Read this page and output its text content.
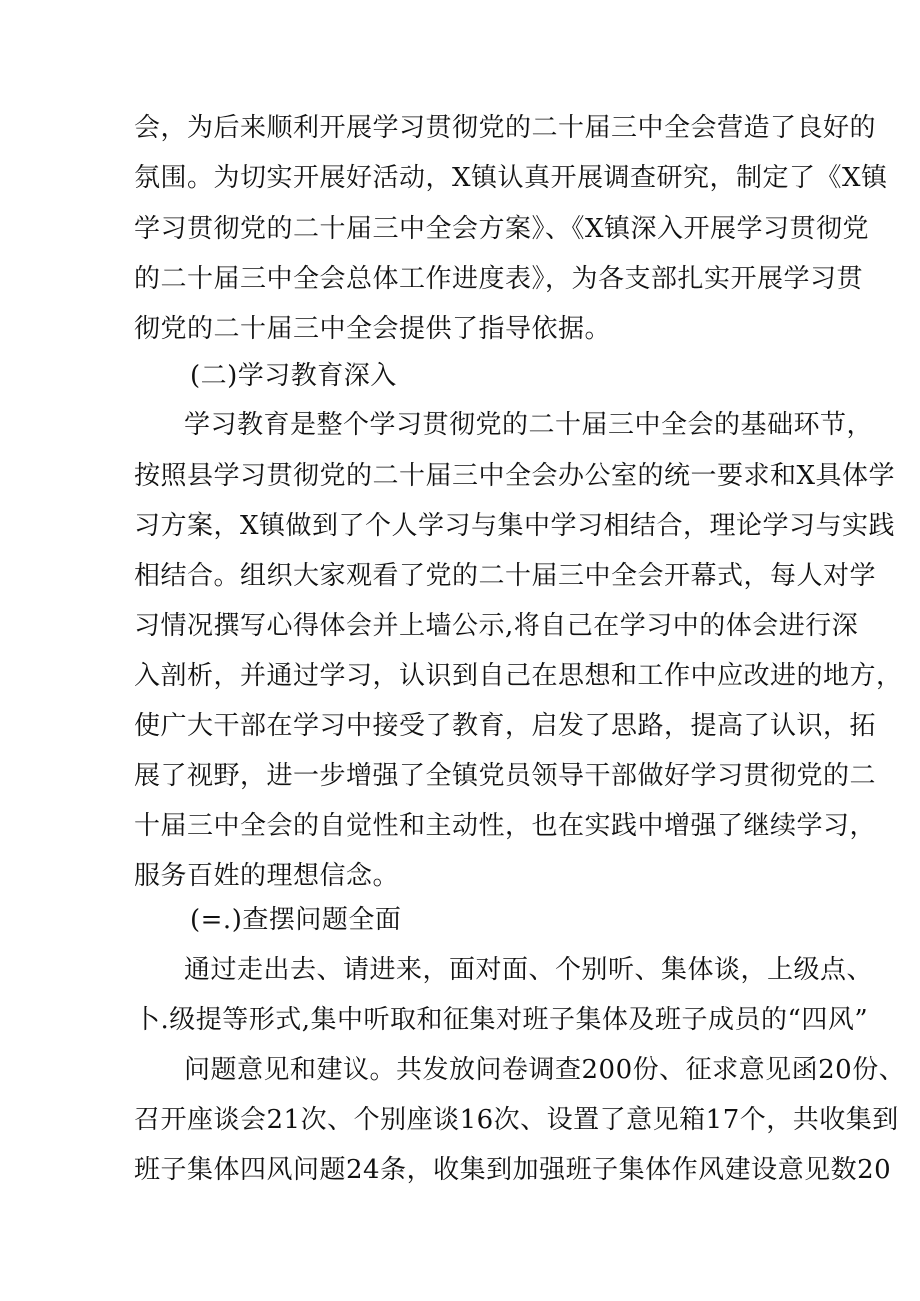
会，为后来顺利开展学习贯彻党的二十届三中全会营造了良好的
氛围。为切实开展好活动，X镇认真开展调查研究，制定了《X镇
学习贯彻党的二十届三中全会方案》、《X镇深入开展学习贯彻党
的二十届三中全会总体工作进度表》，为各支部扎实开展学习贯
彻党的二十届三中全会提供了指导依据。
(二)学习教育深入
学习教育是整个学习贯彻党的二十届三中全会的基础环节，
按照县学习贯彻党的二十届三中全会办公室的统一要求和X具体学
习方案，X镇做到了个人学习与集中学习相结合，理论学习与实践
相结合。组织大家观看了党的二十届三中全会开幕式，每人对学
习情况撰写心得体会并上墙公示,将自己在学习中的体会进行深
入剖析，并通过学习，认识到自己在思想和工作中应改进的地方，
使广大干部在学习中接受了教育，启发了思路，提高了认识，拓
展了视野，进一步增强了全镇党员领导干部做好学习贯彻党的二
十届三中全会的自觉性和主动性，也在实践中增强了继续学习，
服务百姓的理想信念。
(=.)查摆问题全面
通过走出去、请进来，面对面、个别听、集体谈，上级点、
卜.级提等形式,集中听取和征集对班子集体及班子成员的“四风”
问题意见和建议。共发放问卷调查200份、征求意见函20份、
召开座谈会21次、个别座谈16次、设置了意见箱17个，共收集到
班子集体四风问题24条，收集到加强班子集体作风建设意见数20
